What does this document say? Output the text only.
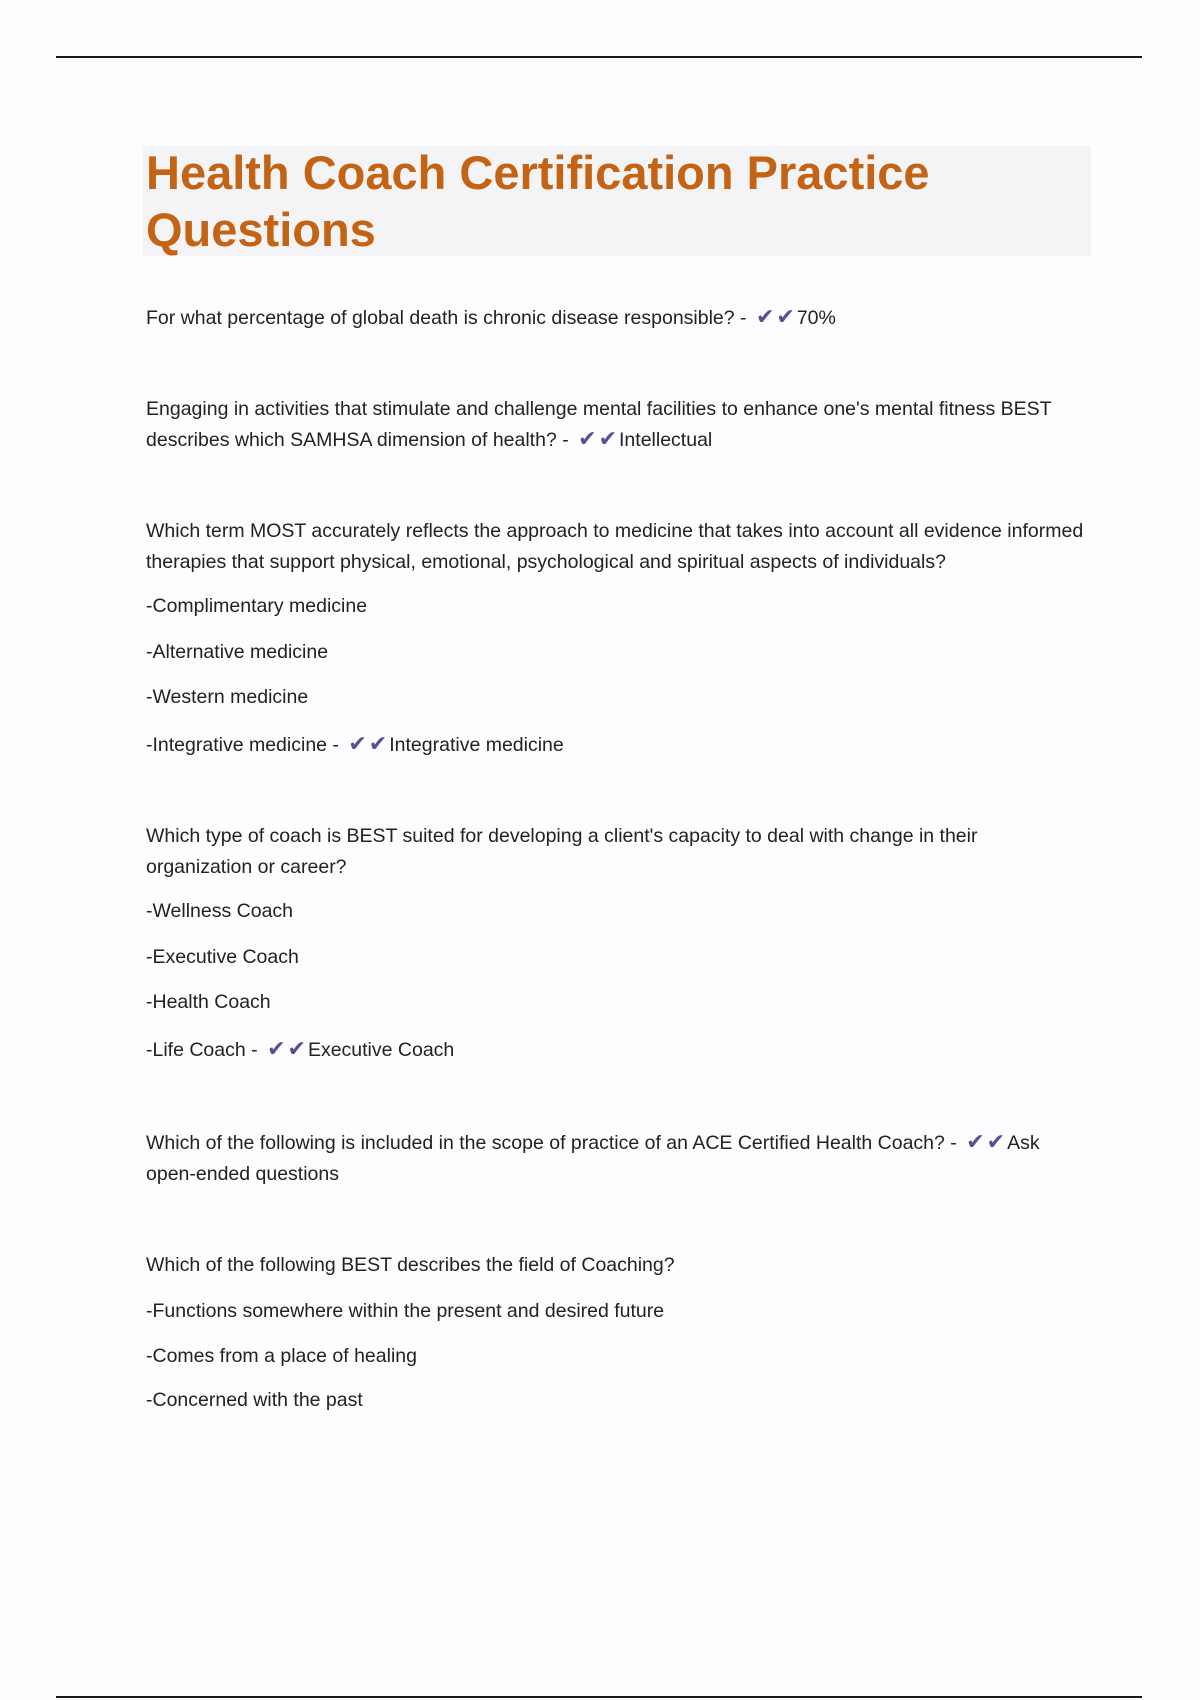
Health Coach Certification Practice Questions

For what percentage of global death is chronic disease responsible? - ✔✔ 70%

Engaging in activities that stimulate and challenge mental facilities to enhance one's mental fitness BEST describes which SAMHSA dimension of health? - ✔✔ Intellectual

Which term MOST accurately reflects the approach to medicine that takes into account all evidence informed therapies that support physical, emotional, psychological and spiritual aspects of individuals?

-Complimentary medicine

-Alternative medicine

-Western medicine

-Integrative medicine - ✔✔ Integrative medicine

Which type of coach is BEST suited for developing a client's capacity to deal with change in their organization or career?

-Wellness Coach

-Executive Coach

-Health Coach

-Life Coach - ✔✔ Executive Coach

Which of the following is included in the scope of practice of an ACE Certified Health Coach? - ✔✔ Ask open-ended questions

Which of the following BEST describes the field of Coaching?

-Functions somewhere within the present and desired future

-Comes from a place of healing

-Concerned with the past
